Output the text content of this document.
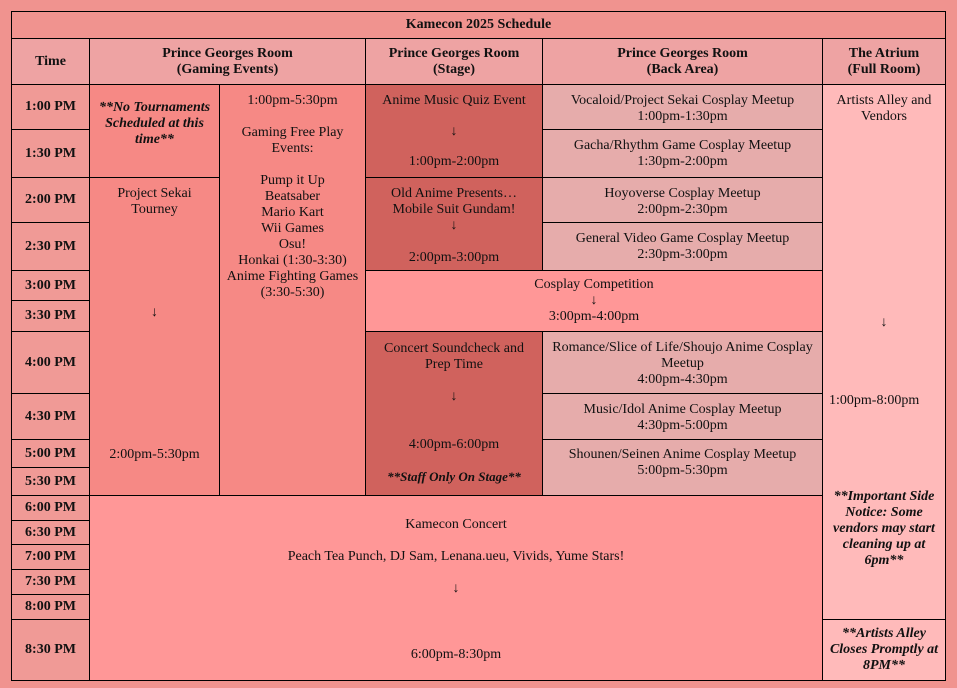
Kamecon 2025 Schedule
Time
Prince Georges Room
(Gaming Events)
Prince Georges Room
(Stage)
Prince Georges Room
(Back Area)
The Atrium
(Full Room)
1:00 PM
1:30 PM
2:00 PM
2:30 PM
3:00 PM
3:30 PM
4:00 PM
4:30 PM
5:00 PM
5:30 PM
6:00 PM
6:30 PM
7:00 PM
7:30 PM
8:00 PM
8:30 PM
**No Tournaments
Scheduled at this
time**
Project Sekai
Tourney
↓
2:00pm-5:30pm
1:00pm-5:30pm
Gaming Free Play
Events:
Pump it Up
Beatsaber
Mario Kart
Wii Games
Osu!
Honkai (1:30-3:30)
Anime Fighting Games
(3:30-5:30)
Anime Music Quiz Event
↓
1:00pm-2:00pm
Old Anime Presents…
Mobile Suit Gundam!
↓
2:00pm-3:00pm
Concert Soundcheck and
Prep Time
↓
4:00pm-6:00pm
**Staff Only On Stage**
Cosplay Competition
↓
3:00pm-4:00pm
Vocaloid/Project Sekai Cosplay Meetup
1:00pm-1:30pm
Gacha/Rhythm Game Cosplay Meetup
1:30pm-2:00pm
Hoyoverse Cosplay Meetup
2:00pm-2:30pm
General Video Game Cosplay Meetup
2:30pm-3:00pm
Romance/Slice of Life/Shoujo Anime Cosplay Meetup
4:00pm-4:30pm
Music/Idol Anime Cosplay Meetup
4:30pm-5:00pm
Shounen/Seinen Anime Cosplay Meetup
5:00pm-5:30pm
Kamecon Concert
Peach Tea Punch, DJ Sam, Lenana.ueu, Vivids, Yume Stars!
↓
6:00pm-8:30pm
Artists Alley and
Vendors
↓
1:00pm-8:00pm
**Important Side
Notice: Some
vendors may start
cleaning up at
6pm**
**Artists Alley
Closes Promptly at
8PM**
